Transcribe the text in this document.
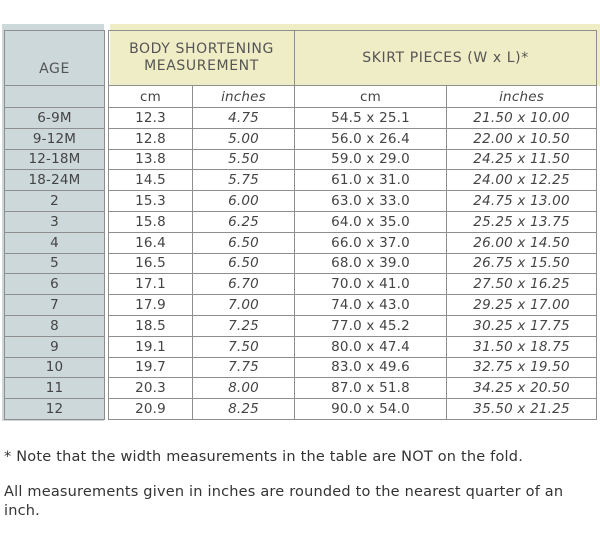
AGE		BODY SHORTENING MEASUREMENT		SKIRT PIECES (W x L)*	
		cm	inches	cm	inches
6-9M		12.3	4.75	54.5 x 25.1	21.50 x 10.00
9-12M		12.8	5.00	56.0 x 26.4	22.00 x 10.50
12-18M		13.8	5.50	59.0 x 29.0	24.25 x 11.50
18-24M		14.5	5.75	61.0 x 31.0	24.00 x 12.25
2		15.3	6.00	63.0 x 33.0	24.75 x 13.00
3		15.8	6.25	64.0 x 35.0	25.25 x 13.75
4		16.4	6.50	66.0 x 37.0	26.00 x 14.50
5		16.5	6.50	68.0 x 39.0	26.75 x 15.50
6		17.1	6.70	70.0 x 41.0	27.50 x 16.25
7		17.9	7.00	74.0 x 43.0	29.25 x 17.00
8		18.5	7.25	77.0 x 45.2	30.25 x 17.75
9		19.1	7.50	80.0 x 47.4	31.50 x 18.75
10		19.7	7.75	83.0 x 49.6	32.75 x 19.50
11		20.3	8.00	87.0 x 51.8	34.25 x 20.50
12		20.9	8.25	90.0 x 54.0	35.50 x 21.25

* Note that the width measurements in the table are NOT on the fold.

All measurements given in inches are rounded to the nearest quarter of an inch.
